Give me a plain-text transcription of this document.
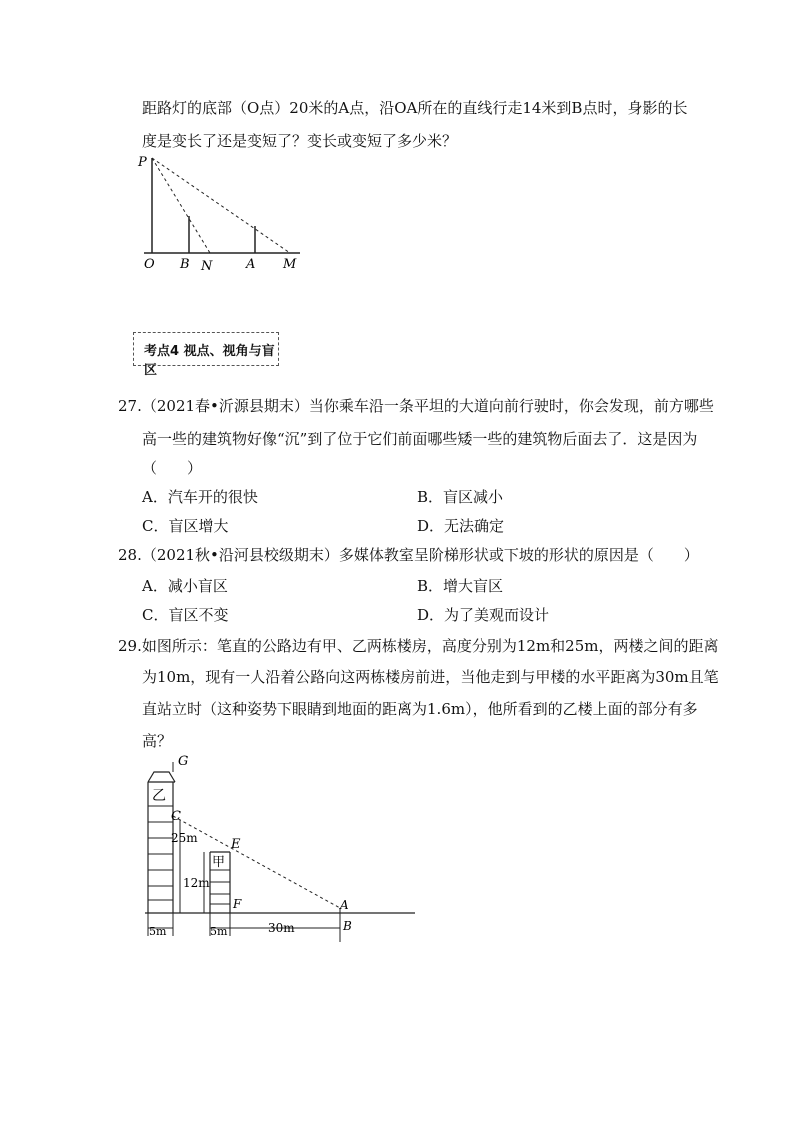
距路灯的底部（O点）20米的A点，沿OA所在的直线行走14米到B点时，身影的长
度是变长了还是变短了？变长或变短了多少米？
P
O B N	A M
考点4 视点、视角与盲区
27.（2021春•沂源县期末）当你乘车沿一条平坦的大道向前行驶时，你会发现，前方哪些
高一些的建筑物好像“沉”到了位于它们前面哪些矮一些的建筑物后面去了．这是因为
（　　）
A．汽车开的很快	B．盲区减小
C．盲区增大	D．无法确定
28.（2021秋•沿河县校级期末）多媒体教室呈阶梯形状或下坡的形状的原因是（　　）
A．减小盲区	B．增大盲区
C．盲区不变	D．为了美观而设计
29.如图所示：笔直的公路边有甲、乙两栋楼房，高度分别为12m和25m，两楼之间的距离
为10m，现有一人沿着公路向这两栋楼房前进，当他走到与甲楼的水平距离为30m且笔
直站立时（这种姿势下眼睛到地面的距离为1.6m），他所看到的乙楼上面的部分有多
高？
G
乙
C
25m	E
甲
12m
F	A
B
5m	5m	30m
